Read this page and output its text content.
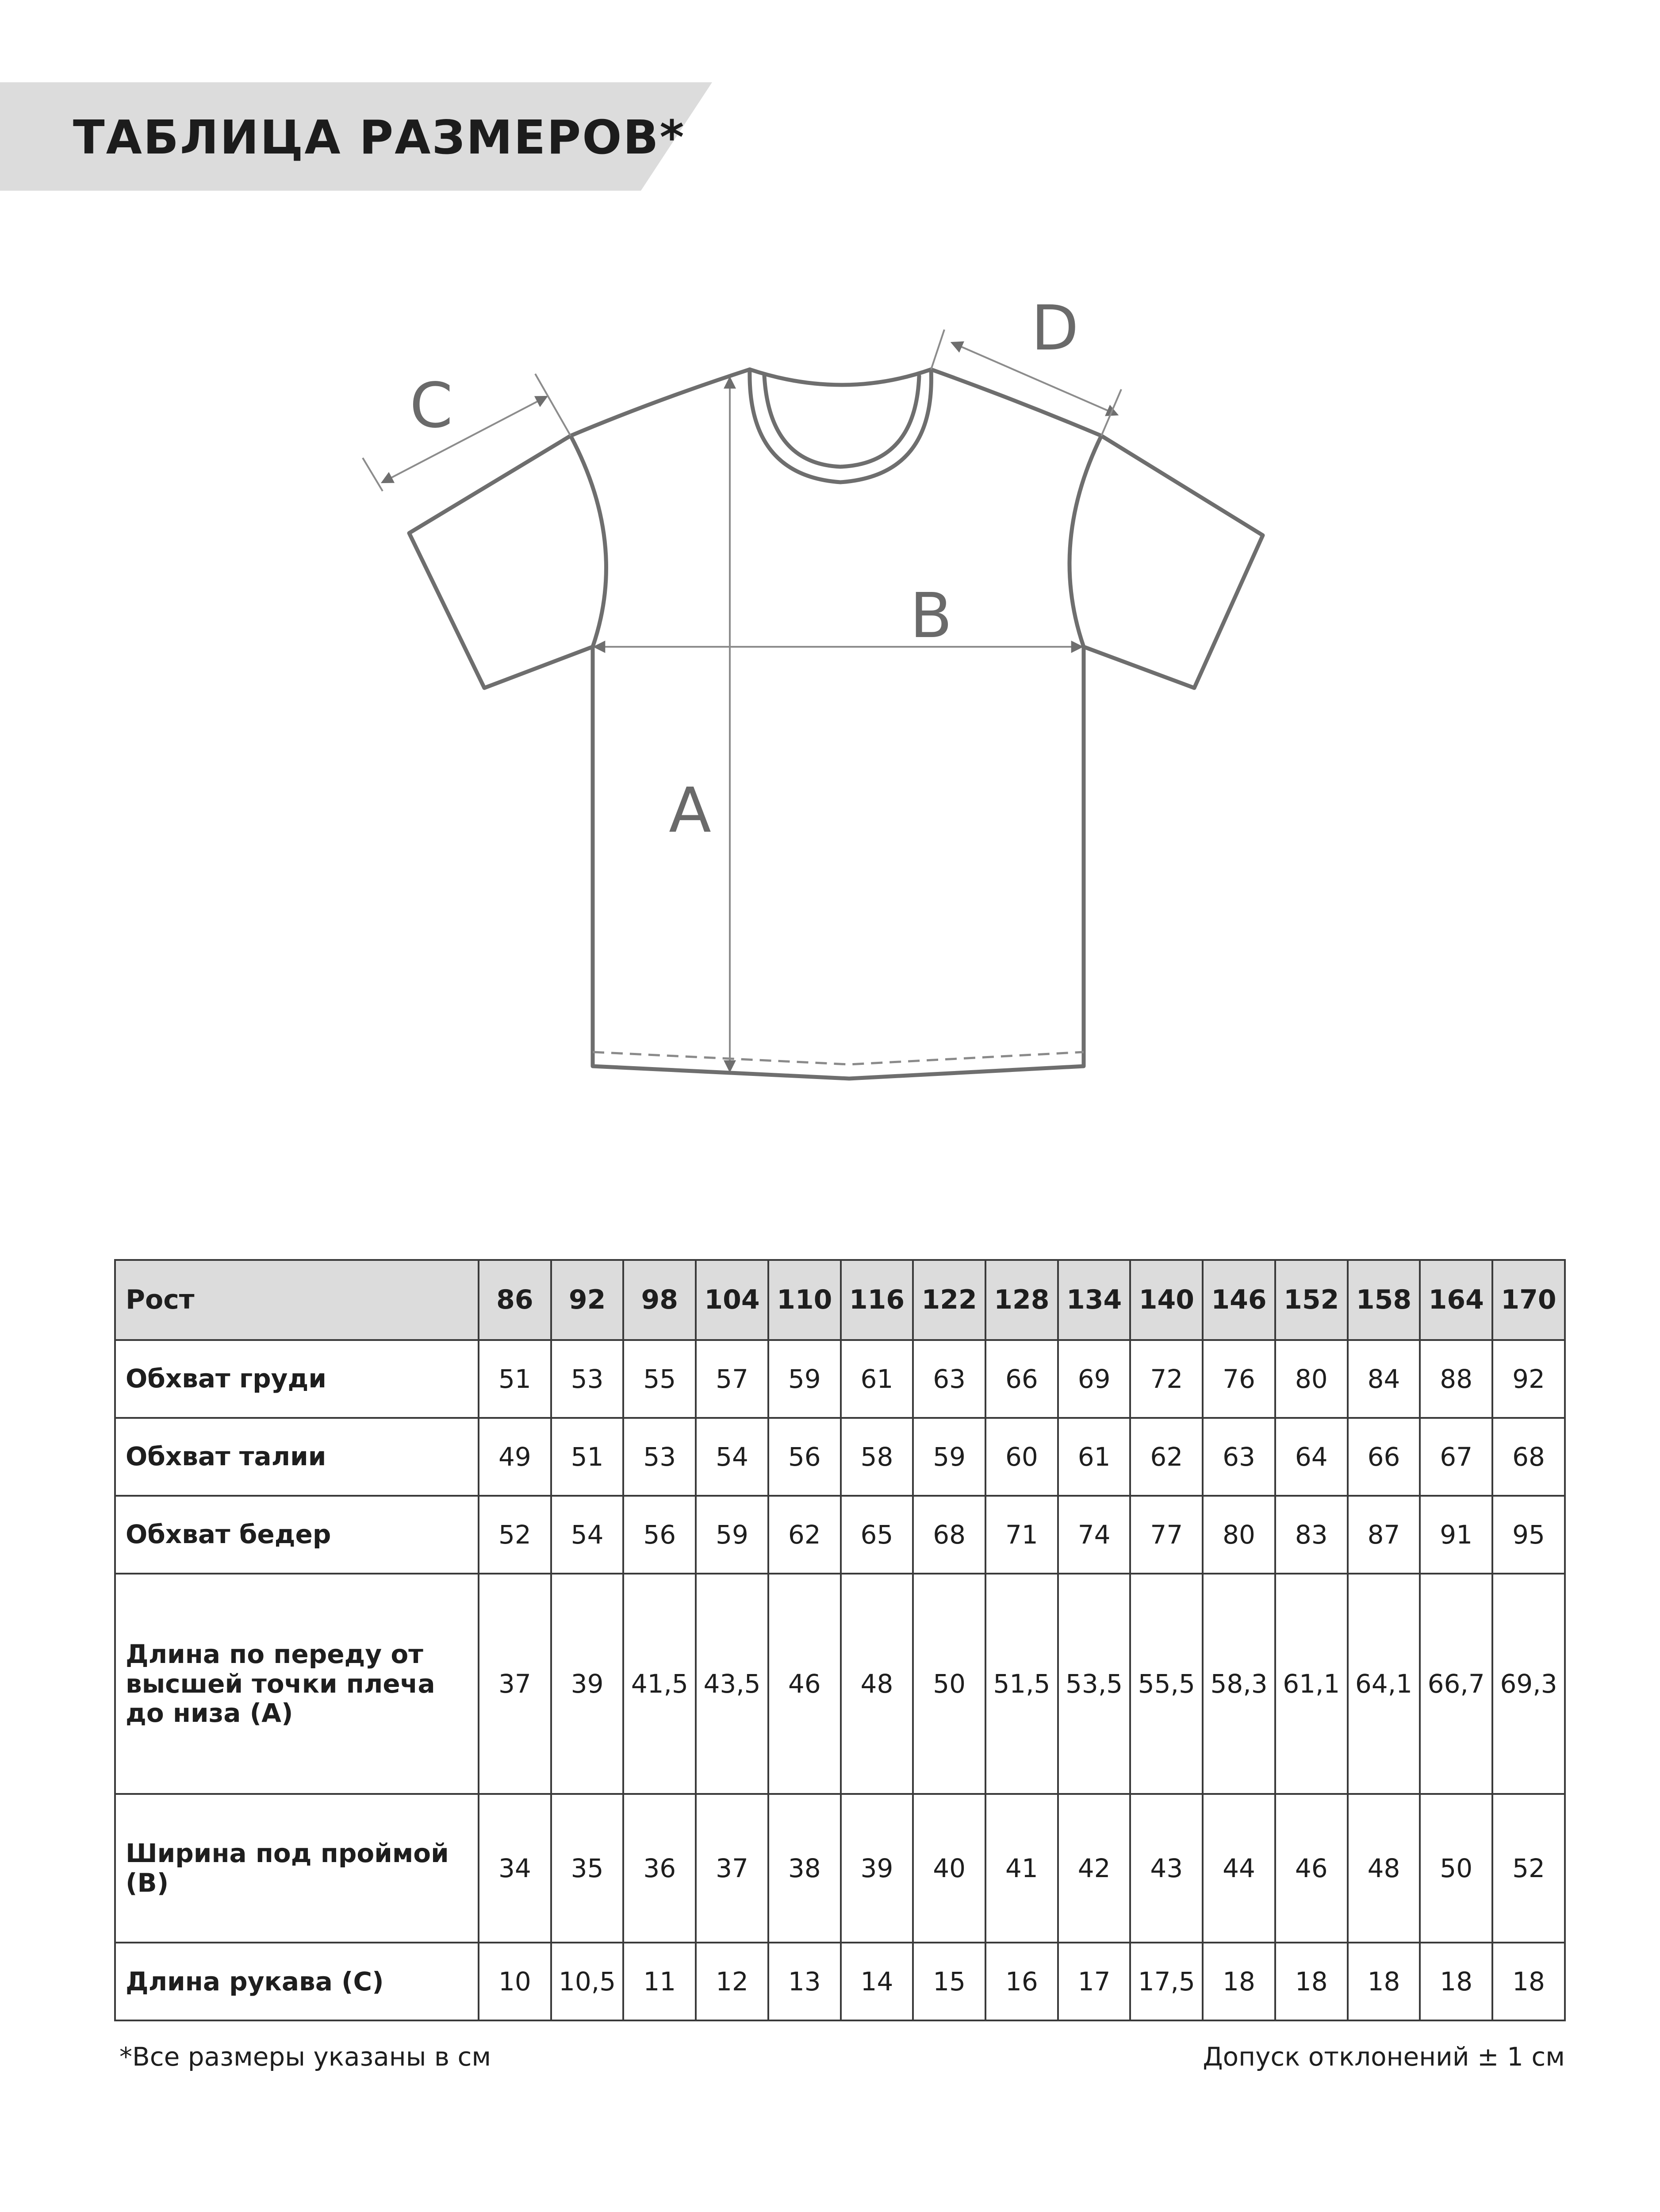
ТАБЛИЦА РАЗМЕРОВ*
A
B
C
D
Рост	86	92	98	104	110	116	122	128	134	140	146	152	158	164	170
Обхват груди	51	53	55	57	59	61	63	66	69	72	76	80	84	88	92
Обхват талии	49	51	53	54	56	58	59	60	61	62	63	64	66	67	68
Обхват бедер	52	54	56	59	62	65	68	71	74	77	80	83	87	91	95
Длина по переду от высшей точки плеча до низа (A)	37	39	41,5	43,5	46	48	50	51,5	53,5	55,5	58,3	61,1	64,1	66,7	69,3
Ширина под проймой (B)	34	35	36	37	38	39	40	41	42	43	44	46	48	50	52
Длина рукава (C)	10	10,5	11	12	13	14	15	16	17	17,5	18	18	18	18	18
*Все размеры указаны в см	Допуск отклонений ± 1 см
